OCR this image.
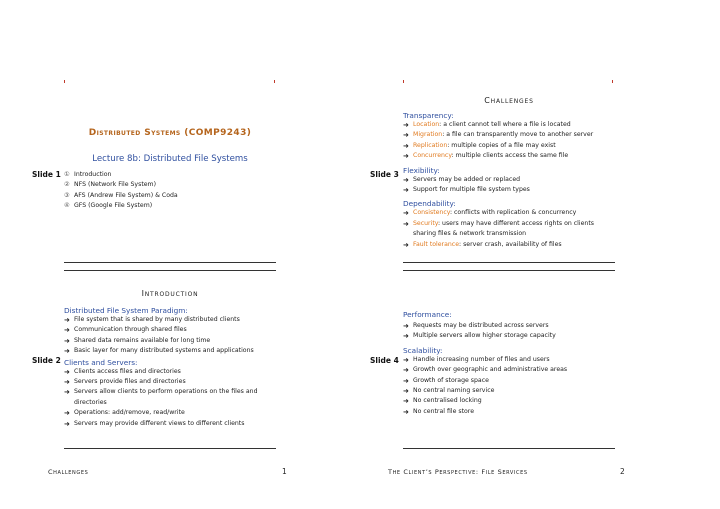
Slide 1
Distributed Systems (COMP9243)
Lecture 8b: Distributed File Systems
① Introduction
② NFS (Network File System)
③ AFS (Andrew File System) & Coda
④ GFS (Google File System)
Slide 3
Challenges
Transparency:
➜ Location: a client cannot tell where a file is located
➜ Migration: a file can transparently move to another server
➜ Replication: multiple copies of a file may exist
➜ Concurrency: multiple clients access the same file
Flexibility:
➜ Servers may be added or replaced
➜ Support for multiple file system types
Dependability:
➜ Consistency: conflicts with replication & concurrency
➜ Security: users may have different access rights on clients sharing files & network transmission
➜ Fault tolerance: server crash, availability of files
Slide 2
Introduction
Distributed File System Paradigm:
➜ File system that is shared by many distributed clients
➜ Communication through shared files
➜ Shared data remains available for long time
➜ Basic layer for many distributed systems and applications
Clients and Servers:
➜ Clients access files and directories
➜ Servers provide files and directories
➜ Servers allow clients to perform operations on the files and directories
➜ Operations: add/remove, read/write
➜ Servers may provide different views to different clients
Slide 4
Performance:
➜ Requests may be distributed across servers
➜ Multiple servers allow higher storage capacity
Scalability:
➜ Handle increasing number of files and users
➜ Growth over geographic and administrative areas
➜ Growth of storage space
➜ No central naming service
➜ No centralised locking
➜ No central file store
Challenges	1	The Client’s Perspective: File Services	2
